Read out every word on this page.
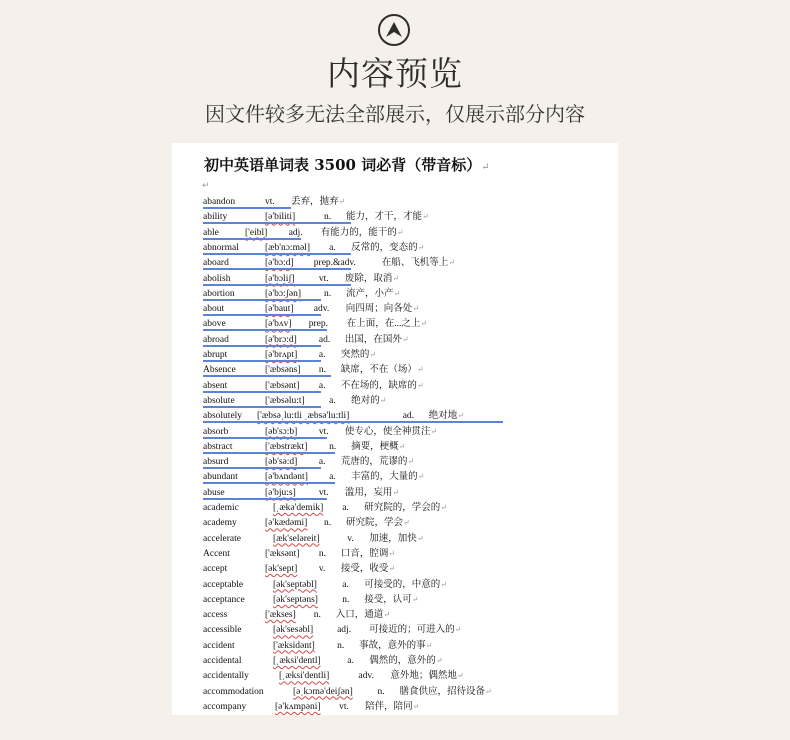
内容预览
因文件较多无法全部展示，仅展示部分内容
初中英语单词表 3500 词必背（带音标）↵
↵
abandon	vt. 丢弃，抛弃↵
ability	[ə'biliti]	n. 能力，才干，才能↵
able	['eibl] adj. 有能力的，能干的↵
abnormal	[æb'nɔ:məl] a. 反常的，变态的↵
aboard	[ə'bɔ:d] prep.&adv.	在船、飞机等上↵
abolish	[ə'bɔliʃ]	vt. 废除，取消↵
abortion	[ə'bɔ:ʃən] n. 流产，小产↵
about	[ə'baut] adv. 向四周；向各处↵
above	[ə'bʌv] prep. 在上面，在...之上↵
abroad	[ə'brɔ:d] ad. 出国，在国外↵
abrupt	[ə'brʌpt] a. 突然的↵
Absence	['æbsəns] n. 缺席，不在（场）↵
absent	['æbsənt] a. 不在场的，缺席的↵
absolute	['æbsəlu:t]	a. 绝对的↵
absolutely ['æbsəˌlu:tli ˌæbsə'lu:tli]	ad. 绝对地↵
absorb	[əb'sɔ:b] vt. 使专心，使全神贯注↵
abstract	['æbstrækt] n. 摘要，梗概↵
absurd	[əb'sə:d] a. 荒唐的，荒谬的↵
abundant	[ə'bʌndənt] a. 丰富的，大量的↵
abuse	[ə'bju:s] vt. 滥用，妄用↵
academic	[ˌækə'demik] a. 研究院的，学会的↵
academy	[ə'kædəmi] n. 研究院，学会↵
accelerate	[æk'seləreit]	v. 加速，加快↵
Accent	['æksənt] n. 口音，腔调↵
accept	[ək'sept] v. 接受，收受↵
acceptable	[ək'septəbl]	a. 可接受的，中意的↵
acceptance	[ək'septəns]	n. 接受，认可↵
access	['ækses] n. 入口，通道↵
accessible	[ək'sesəbl]	adj. 可接近的；可进入的↵
accident	['æksidənt] n. 事故，意外的事↵
accidental	[ˌæksi'dentl]	a. 偶然的，意外的↵
accidentally	[ˌæksi'dentli]	adv. 意外地；偶然地↵
accommodation	[əˌkɔmə'deiʃən]	n. 膳食供应，招待设备↵
accompany	[ə'kʌmpəni] vt. 陪伴，陪同↵
